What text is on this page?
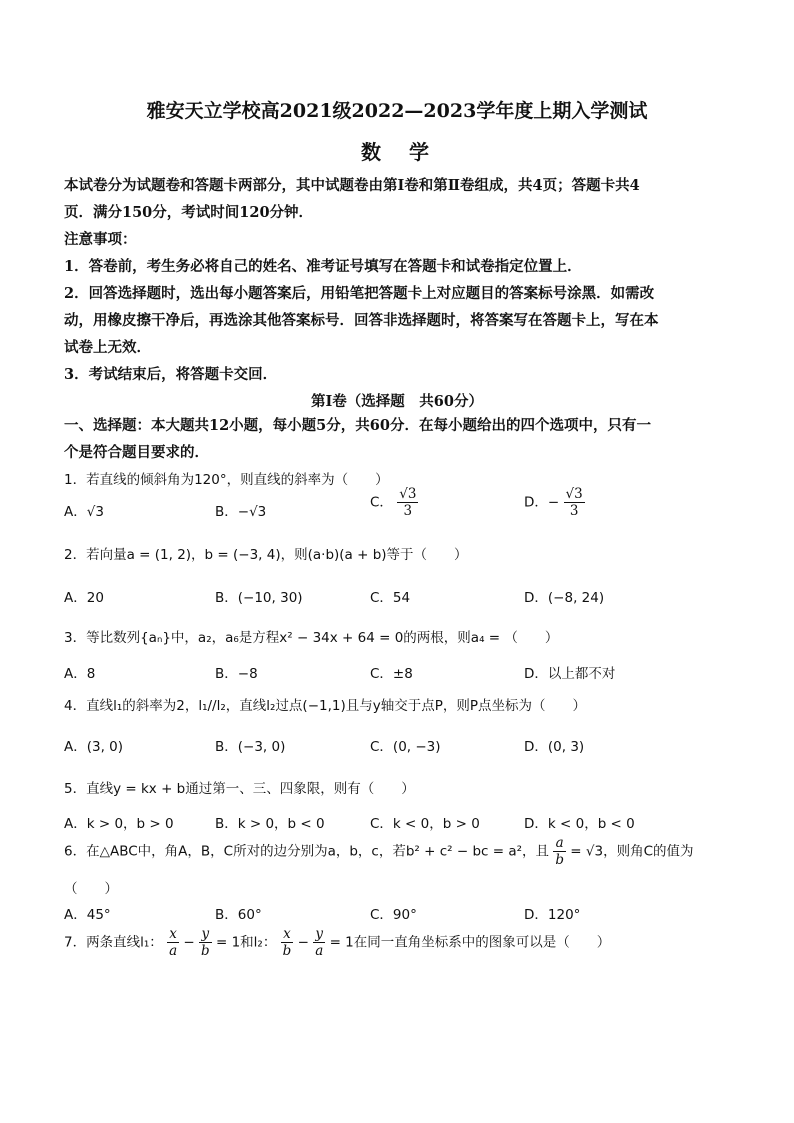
雅安天立学校高2021级2022—2023学年度上期入学测试
数　学
本试卷分为试题卷和答题卡两部分，其中试题卷由第Ⅰ卷和第Ⅱ卷组成，共4页；答题卡共4
页．满分150分，考试时间120分钟．
注意事项：
1．答卷前，考生务必将自己的姓名、准考证号填写在答题卡和试卷指定位置上．
2．回答选择题时，选出每小题答案后，用铅笔把答题卡上对应题目的答案标号涂黑．如需改
动，用橡皮擦干净后，再选涂其他答案标号．回答非选择题时，将答案写在答题卡上，写在本
试卷上无效．
3．考试结束后，将答题卡交回．
第Ⅰ卷（选择题　共60分）
一、选择题：本大题共12小题，每小题5分，共60分．在每小题给出的四个选项中，只有一
个是符合题目要求的．
1．若直线的倾斜角为120°，则直线的斜率为（　　）
A．√3	B．−√3
C． $\frac{√3}{3}$	D．− $\frac{√3}{3}$
2．若向量a = (1, 2)，b = (−3, 4)，则(a·b)(a + b)等于（　　）
A．20	B．(−10, 30)	C．54	D．(−8, 24)
3．等比数列{aₙ}中，a₂，a₆是方程x² − 34x + 64 = 0的两根，则a₄ = （　　）
A．8	B．−8	C．±8	D．以上都不对
4．直线l₁的斜率为2，l₁//l₂，直线l₂过点(−1,1)且与y轴交于点P，则P点坐标为（　　）
A．(3, 0)	B．(−3, 0)	C．(0, −3)	D．(0, 3)
5．直线y = kx + b通过第一、三、四象限，则有（　　）
A．k > 0，b > 0	B．k > 0，b < 0	C．k < 0，b > 0	D．k < 0，b < 0
6．在△ABC中，角A，B，C所对的边分别为a，b，c，若b² + c² − bc = a²，且 $\frac{a}{b} = √3$，则角C的值为
（　　）
A．45°	B．60°	C．90°	D．120°
7．两条直线l₁： $\frac{x}{a} - \frac{y}{b} = 1$和l₂： $\frac{x}{b} - \frac{y}{a} = 1$在同一直角坐标系中的图象可以是（　　）
